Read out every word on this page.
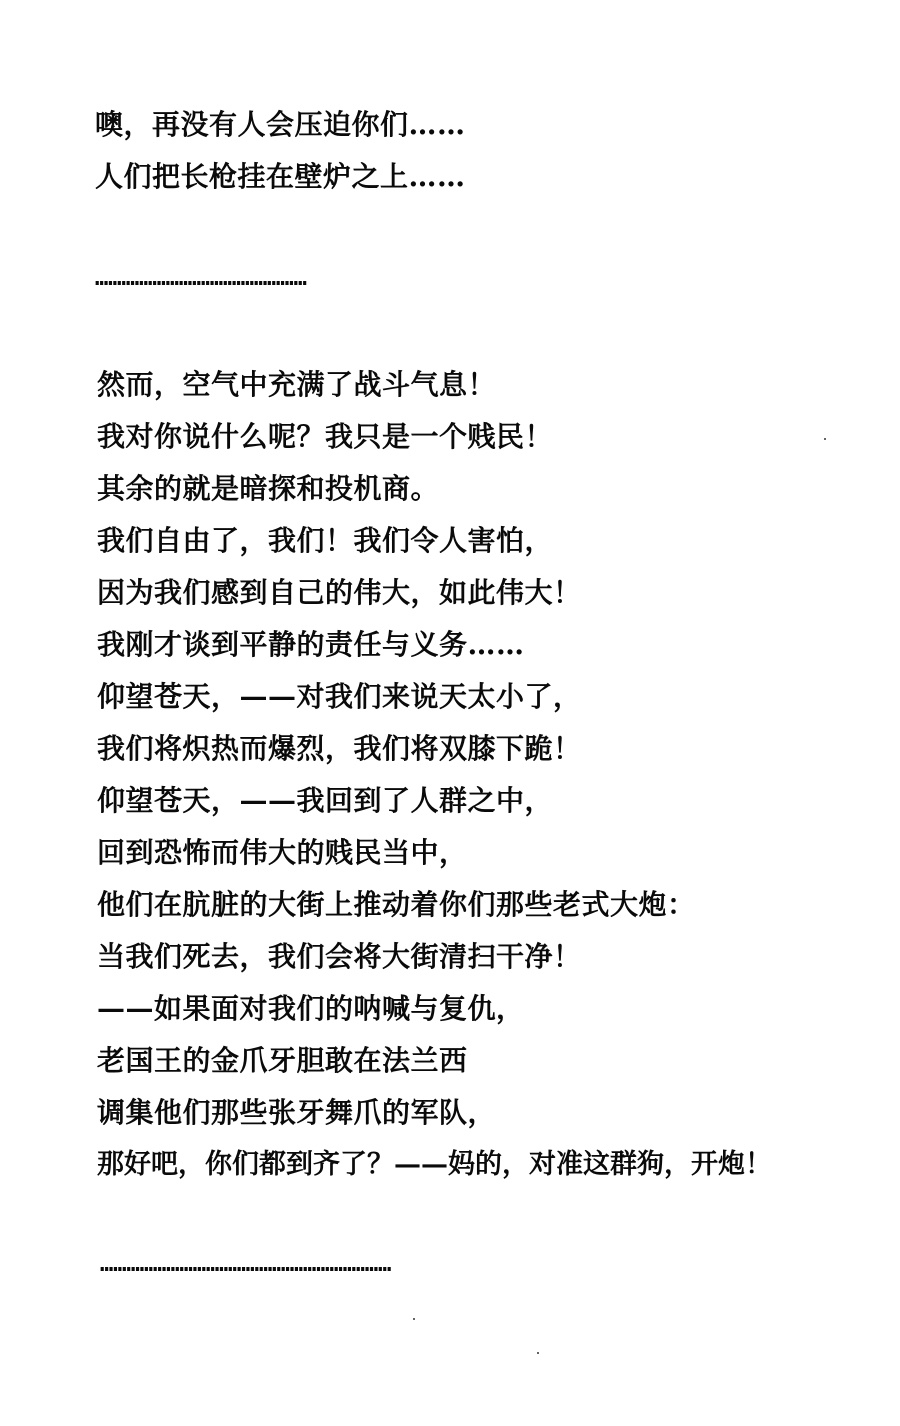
噢，再没有人会压迫你们……
人们把长枪挂在壁炉之上……
…………………………………………
然而，空气中充满了战斗气息！
我对你说什么呢？我只是一个贱民！
其余的就是暗探和投机商。
我们自由了，我们！我们令人害怕，
因为我们感到自己的伟大，如此伟大！
我刚才谈到平静的责任与义务……
仰望苍天，——对我们来说天太小了，
我们将炽热而爆烈，我们将双膝下跪！
仰望苍天，——我回到了人群之中，
回到恐怖而伟大的贱民当中，
他们在肮脏的大街上推动着你们那些老式大炮：
当我们死去，我们会将大街清扫干净！
——如果面对我们的呐喊与复仇，
老国王的金爪牙胆敢在法兰西
调集他们那些张牙舞爪的军队，
那好吧，你们都到齐了？——妈的，对准这群狗，开炮！
…………………………………………………………
